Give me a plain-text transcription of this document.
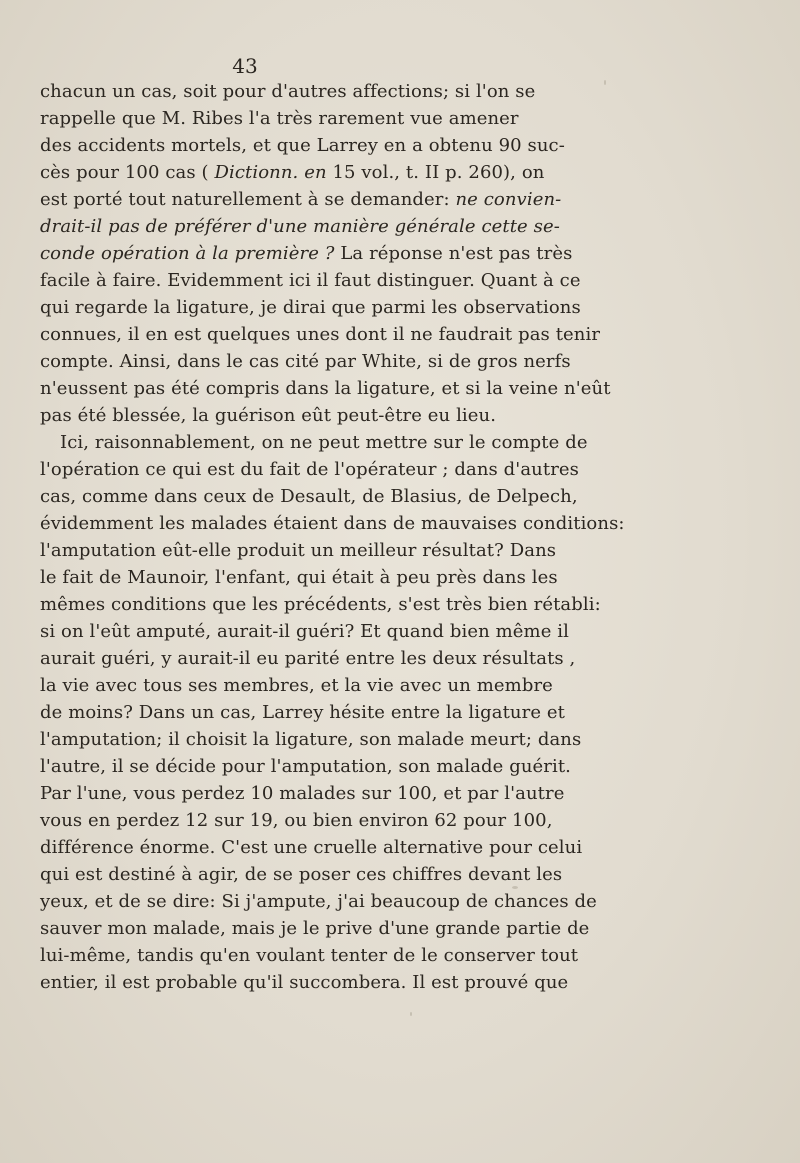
43
chacun un cas, soit pour d'autres affections; si l'on se
rappelle que M. Ribes l'a très rarement vue amener
des accidents mortels, et que Larrey en a obtenu 90 suc-
cès pour 100 cas ( Dictionn. en 15 vol., t. II p. 260), on
est porté tout naturellement à se demander: ne convien-
drait-il pas de préférer d'une manière générale cette se-
conde opération à la première ? La réponse n'est pas très
facile à faire. Evidemment ici il faut distinguer. Quant à ce
qui regarde la ligature, je dirai que parmi les observations
connues, il en est quelques unes dont il ne faudrait pas tenir
compte. Ainsi, dans le cas cité par White, si de gros nerfs
n'eussent pas été compris dans la ligature, et si la veine n'eût
pas été blessée, la guérison eût peut-être eu lieu.
Ici, raisonnablement, on ne peut mettre sur le compte de
l'opération ce qui est du fait de l'opérateur ; dans d'autres
cas, comme dans ceux de Desault, de Blasius, de Delpech,
évidemment les malades étaient dans de mauvaises conditions:
l'amputation eût-elle produit un meilleur résultat? Dans
le fait de Maunoir, l'enfant, qui était à peu près dans les
mêmes conditions que les précédents, s'est très bien rétabli:
si on l'eût amputé, aurait-il guéri? Et quand bien même il
aurait guéri, y aurait-il eu parité entre les deux résultats ,
la vie avec tous ses membres, et la vie avec un membre
de moins? Dans un cas, Larrey hésite entre la ligature et
l'amputation; il choisit la ligature, son malade meurt; dans
l'autre, il se décide pour l'amputation, son malade guérit.
Par l'une, vous perdez 10 malades sur 100, et par l'autre
vous en perdez 12 sur 19, ou bien environ 62 pour 100,
différence énorme. C'est une cruelle alternative pour celui
qui est destiné à agir, de se poser ces chiffres devant les
yeux, et de se dire: Si j'ampute, j'ai beaucoup de chances de
sauver mon malade, mais je le prive d'une grande partie de
lui-même, tandis qu'en voulant tenter de le conserver tout
entier, il est probable qu'il succombera. Il est prouvé que
